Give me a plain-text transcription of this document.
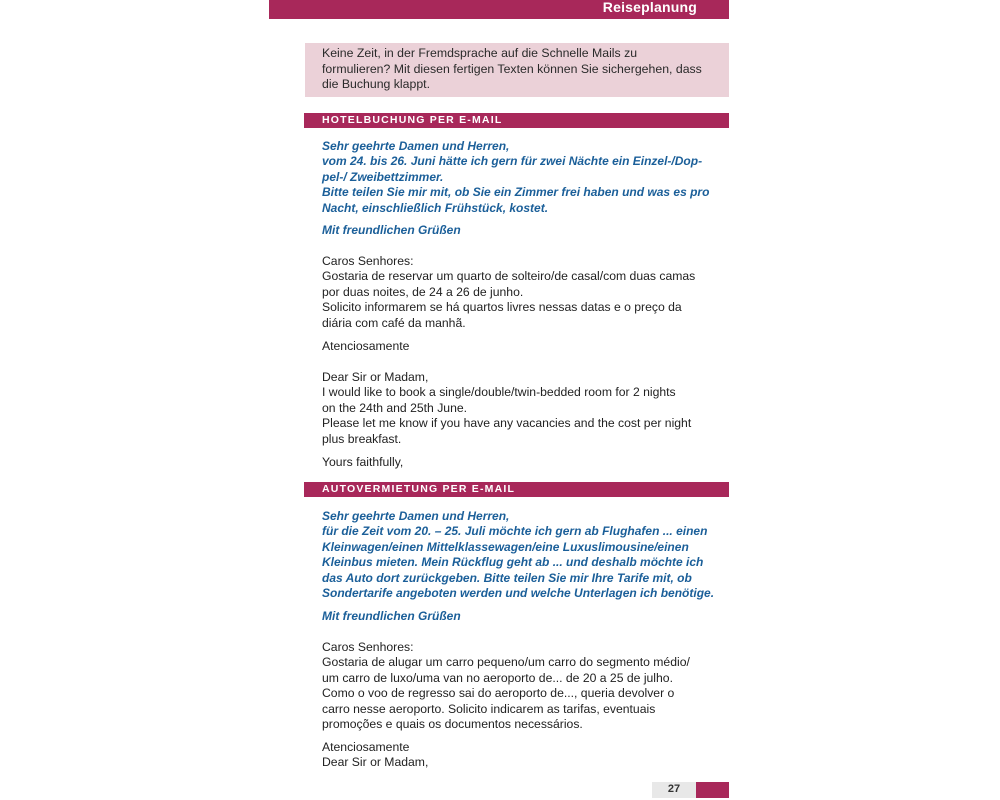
Reiseplanung
Keine Zeit, in der Fremdsprache auf die Schnelle Mails zu
formulieren? Mit diesen fertigen Texten können Sie sichergehen, dass
die Buchung klappt.
HOTELBUCHUNG PER E-MAIL
Sehr geehrte Damen und Herren,
vom 24. bis 26. Juni hätte ich gern für zwei Nächte ein Einzel-/Dop-
pel-/ Zweibettzimmer.
Bitte teilen Sie mir mit, ob Sie ein Zimmer frei haben und was es pro
Nacht, einschließlich Frühstück, kostet.
Mit freundlichen Grüßen
Caros Senhores:
Gostaria de reservar um quarto de solteiro/de casal/com duas camas
por duas noites, de 24 a 26 de junho.
Solicito informarem se há quartos livres nessas datas e o preço da
diária com café da manhã.
Atenciosamente
Dear Sir or Madam,
I would like to book a single/double/twin-bedded room for 2 nights
on the 24th and 25th June.
Please let me know if you have any vacancies and the cost per night
plus breakfast.
Yours faithfully,
AUTOVERMIETUNG PER E-MAIL
Sehr geehrte Damen und Herren,
für die Zeit vom 20. – 25. Juli möchte ich gern ab Flughafen ... einen
Kleinwagen/einen Mittelklassewagen/eine Luxuslimousine/einen
Kleinbus mieten. Mein Rückflug geht ab ... und deshalb möchte ich
das Auto dort zurückgeben. Bitte teilen Sie mir Ihre Tarife mit, ob
Sondertarife angeboten werden und welche Unterlagen ich benötige.
Mit freundlichen Grüßen
Caros Senhores:
Gostaria de alugar um carro pequeno/um carro do segmento médio/
um carro de luxo/uma van no aeroporto de... de 20 a 25 de julho.
Como o voo de regresso sai do aeroporto de..., queria devolver o
carro nesse aeroporto. Solicito indicarem as tarifas, eventuais
promoções e quais os documentos necessários.
Atenciosamente
Dear Sir or Madam,
27
